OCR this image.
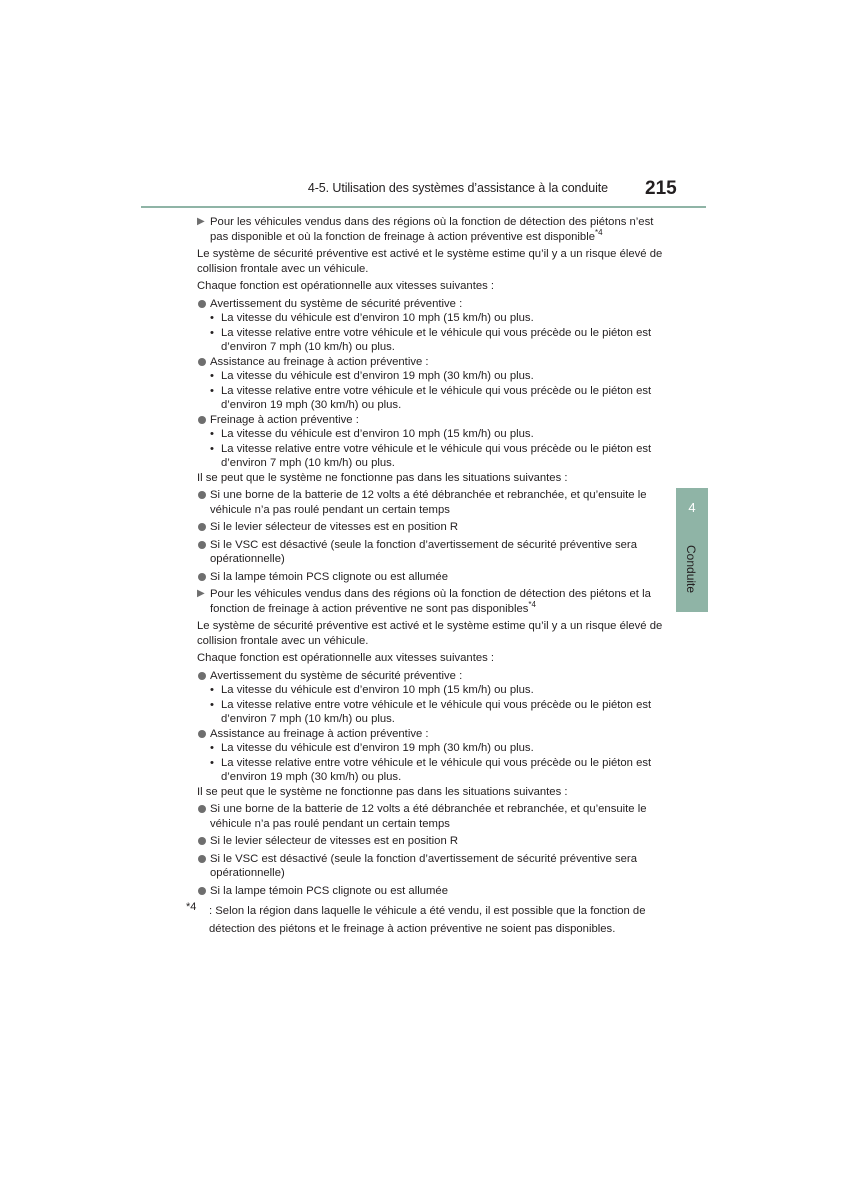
4-5. Utilisation des systèmes d’assistance à la conduite 215
4
Conduite
▶ Pour les véhicules vendus dans des régions où la fonction de détection des piétons n’est pas disponible et où la fonction de freinage à action préventive est disponible$^{*4}$
Le système de sécurité préventive est activé et le système estime qu’il y a un risque élevé de collision frontale avec un véhicule.
Chaque fonction est opérationnelle aux vitesses suivantes :
Avertissement du système de sécurité préventive :
• La vitesse du véhicule est d’environ 10 mph (15 km/h) ou plus.
• La vitesse relative entre votre véhicule et le véhicule qui vous précède ou le piéton est d’environ 7 mph (10 km/h) ou plus.
Assistance au freinage à action préventive :
• La vitesse du véhicule est d’environ 19 mph (30 km/h) ou plus.
• La vitesse relative entre votre véhicule et le véhicule qui vous précède ou le piéton est d’environ 19 mph (30 km/h) ou plus.
Freinage à action préventive :
• La vitesse du véhicule est d’environ 10 mph (15 km/h) ou plus.
• La vitesse relative entre votre véhicule et le véhicule qui vous précède ou le piéton est d’environ 7 mph (10 km/h) ou plus.
Il se peut que le système ne fonctionne pas dans les situations suivantes :
Si une borne de la batterie de 12 volts a été débranchée et rebranchée, et qu’ensuite le véhicule n’a pas roulé pendant un certain temps
Si le levier sélecteur de vitesses est en position R
Si le VSC est désactivé (seule la fonction d’avertissement de sécurité préventive sera opérationnelle)
Si la lampe témoin PCS clignote ou est allumée
▶ Pour les véhicules vendus dans des régions où la fonction de détection des piétons et la fonction de freinage à action préventive ne sont pas disponibles$^{*4}$
Le système de sécurité préventive est activé et le système estime qu’il y a un risque élevé de collision frontale avec un véhicule.
Chaque fonction est opérationnelle aux vitesses suivantes :
Avertissement du système de sécurité préventive :
• La vitesse du véhicule est d’environ 10 mph (15 km/h) ou plus.
• La vitesse relative entre votre véhicule et le véhicule qui vous précède ou le piéton est d’environ 7 mph (10 km/h) ou plus.
Assistance au freinage à action préventive :
• La vitesse du véhicule est d’environ 19 mph (30 km/h) ou plus.
• La vitesse relative entre votre véhicule et le véhicule qui vous précède ou le piéton est d’environ 19 mph (30 km/h) ou plus.
Il se peut que le système ne fonctionne pas dans les situations suivantes :
Si une borne de la batterie de 12 volts a été débranchée et rebranchée, et qu’ensuite le véhicule n’a pas roulé pendant un certain temps
Si le levier sélecteur de vitesses est en position R
Si le VSC est désactivé (seule la fonction d’avertissement de sécurité préventive sera opérationnelle)
Si la lampe témoin PCS clignote ou est allumée
*4 : Selon la région dans laquelle le véhicule a été vendu, il est possible que la fonction de détection des piétons et le freinage à action préventive ne soient pas disponibles.
